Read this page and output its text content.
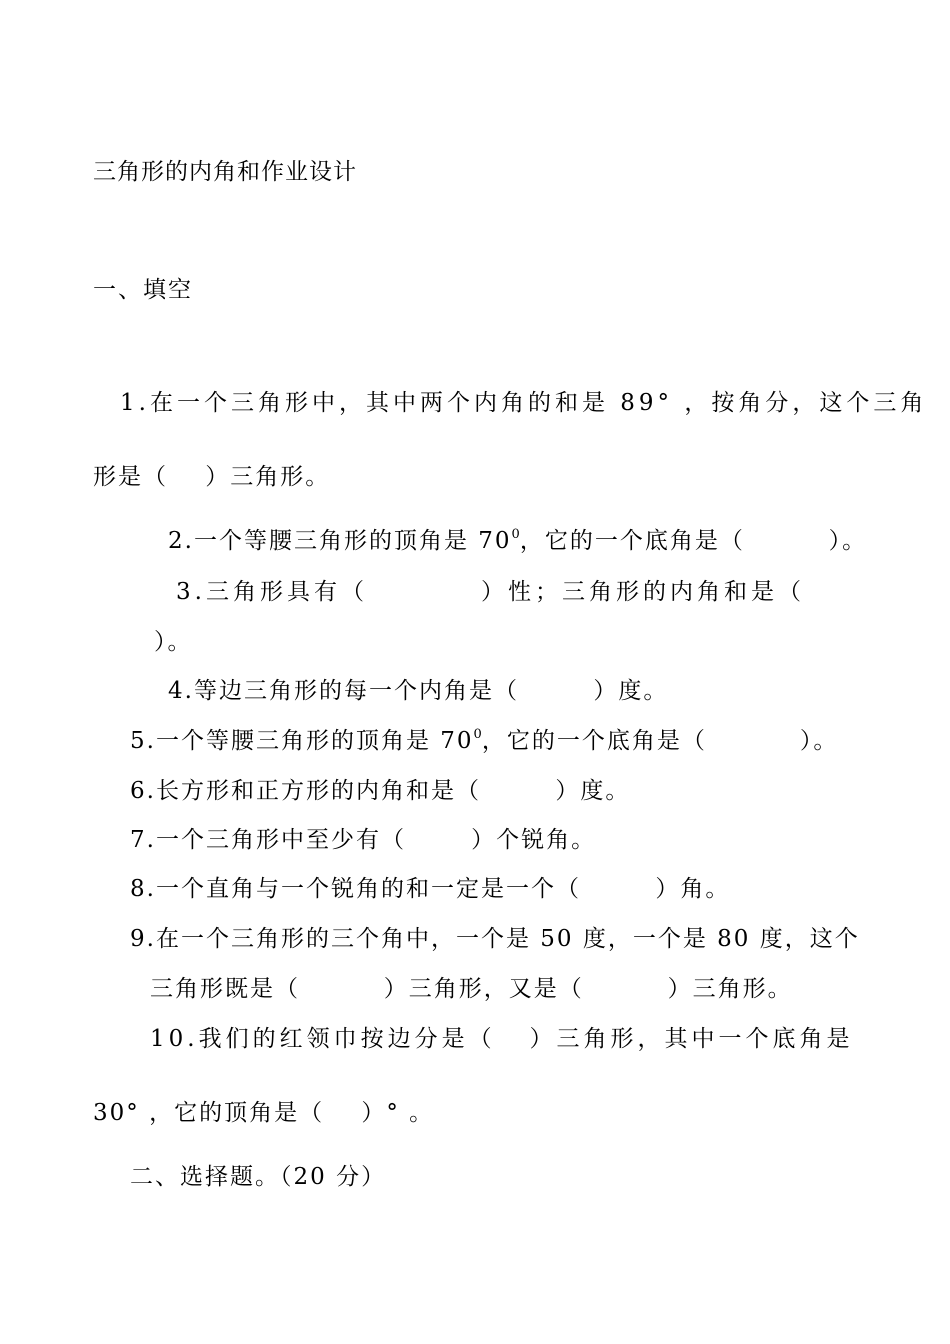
三角形的内角和作业设计
一、填空
1.在一个三角形中，其中两个内角的和是 89° ，按角分，这个三角
形是（    ）三角形。
2.一个等腰三角形的顶角是 $70^0$，它的一个底角是（         ）。
3.三角形具有（          ）性；三角形的内角和是（
）。
4.等边三角形的每一个内角是（        ）度。
5.一个等腰三角形的顶角是 $70^0$，它的一个底角是（          ）。
6.长方形和正方形的内角和是（        ）度。
7.一个三角形中至少有（       ）个锐角。
8.一个直角与一个锐角的和一定是一个（        ）角。
9.在一个三角形的三个角中，一个是 50 度，一个是 80 度，这个
三角形既是（         ）三角形，又是（         ）三角形。
10.我们的红领巾按边分是（   ）三角形，其中一个底角是
30° ，它的顶角是（    ）° 。
二、选择题。（20 分）
